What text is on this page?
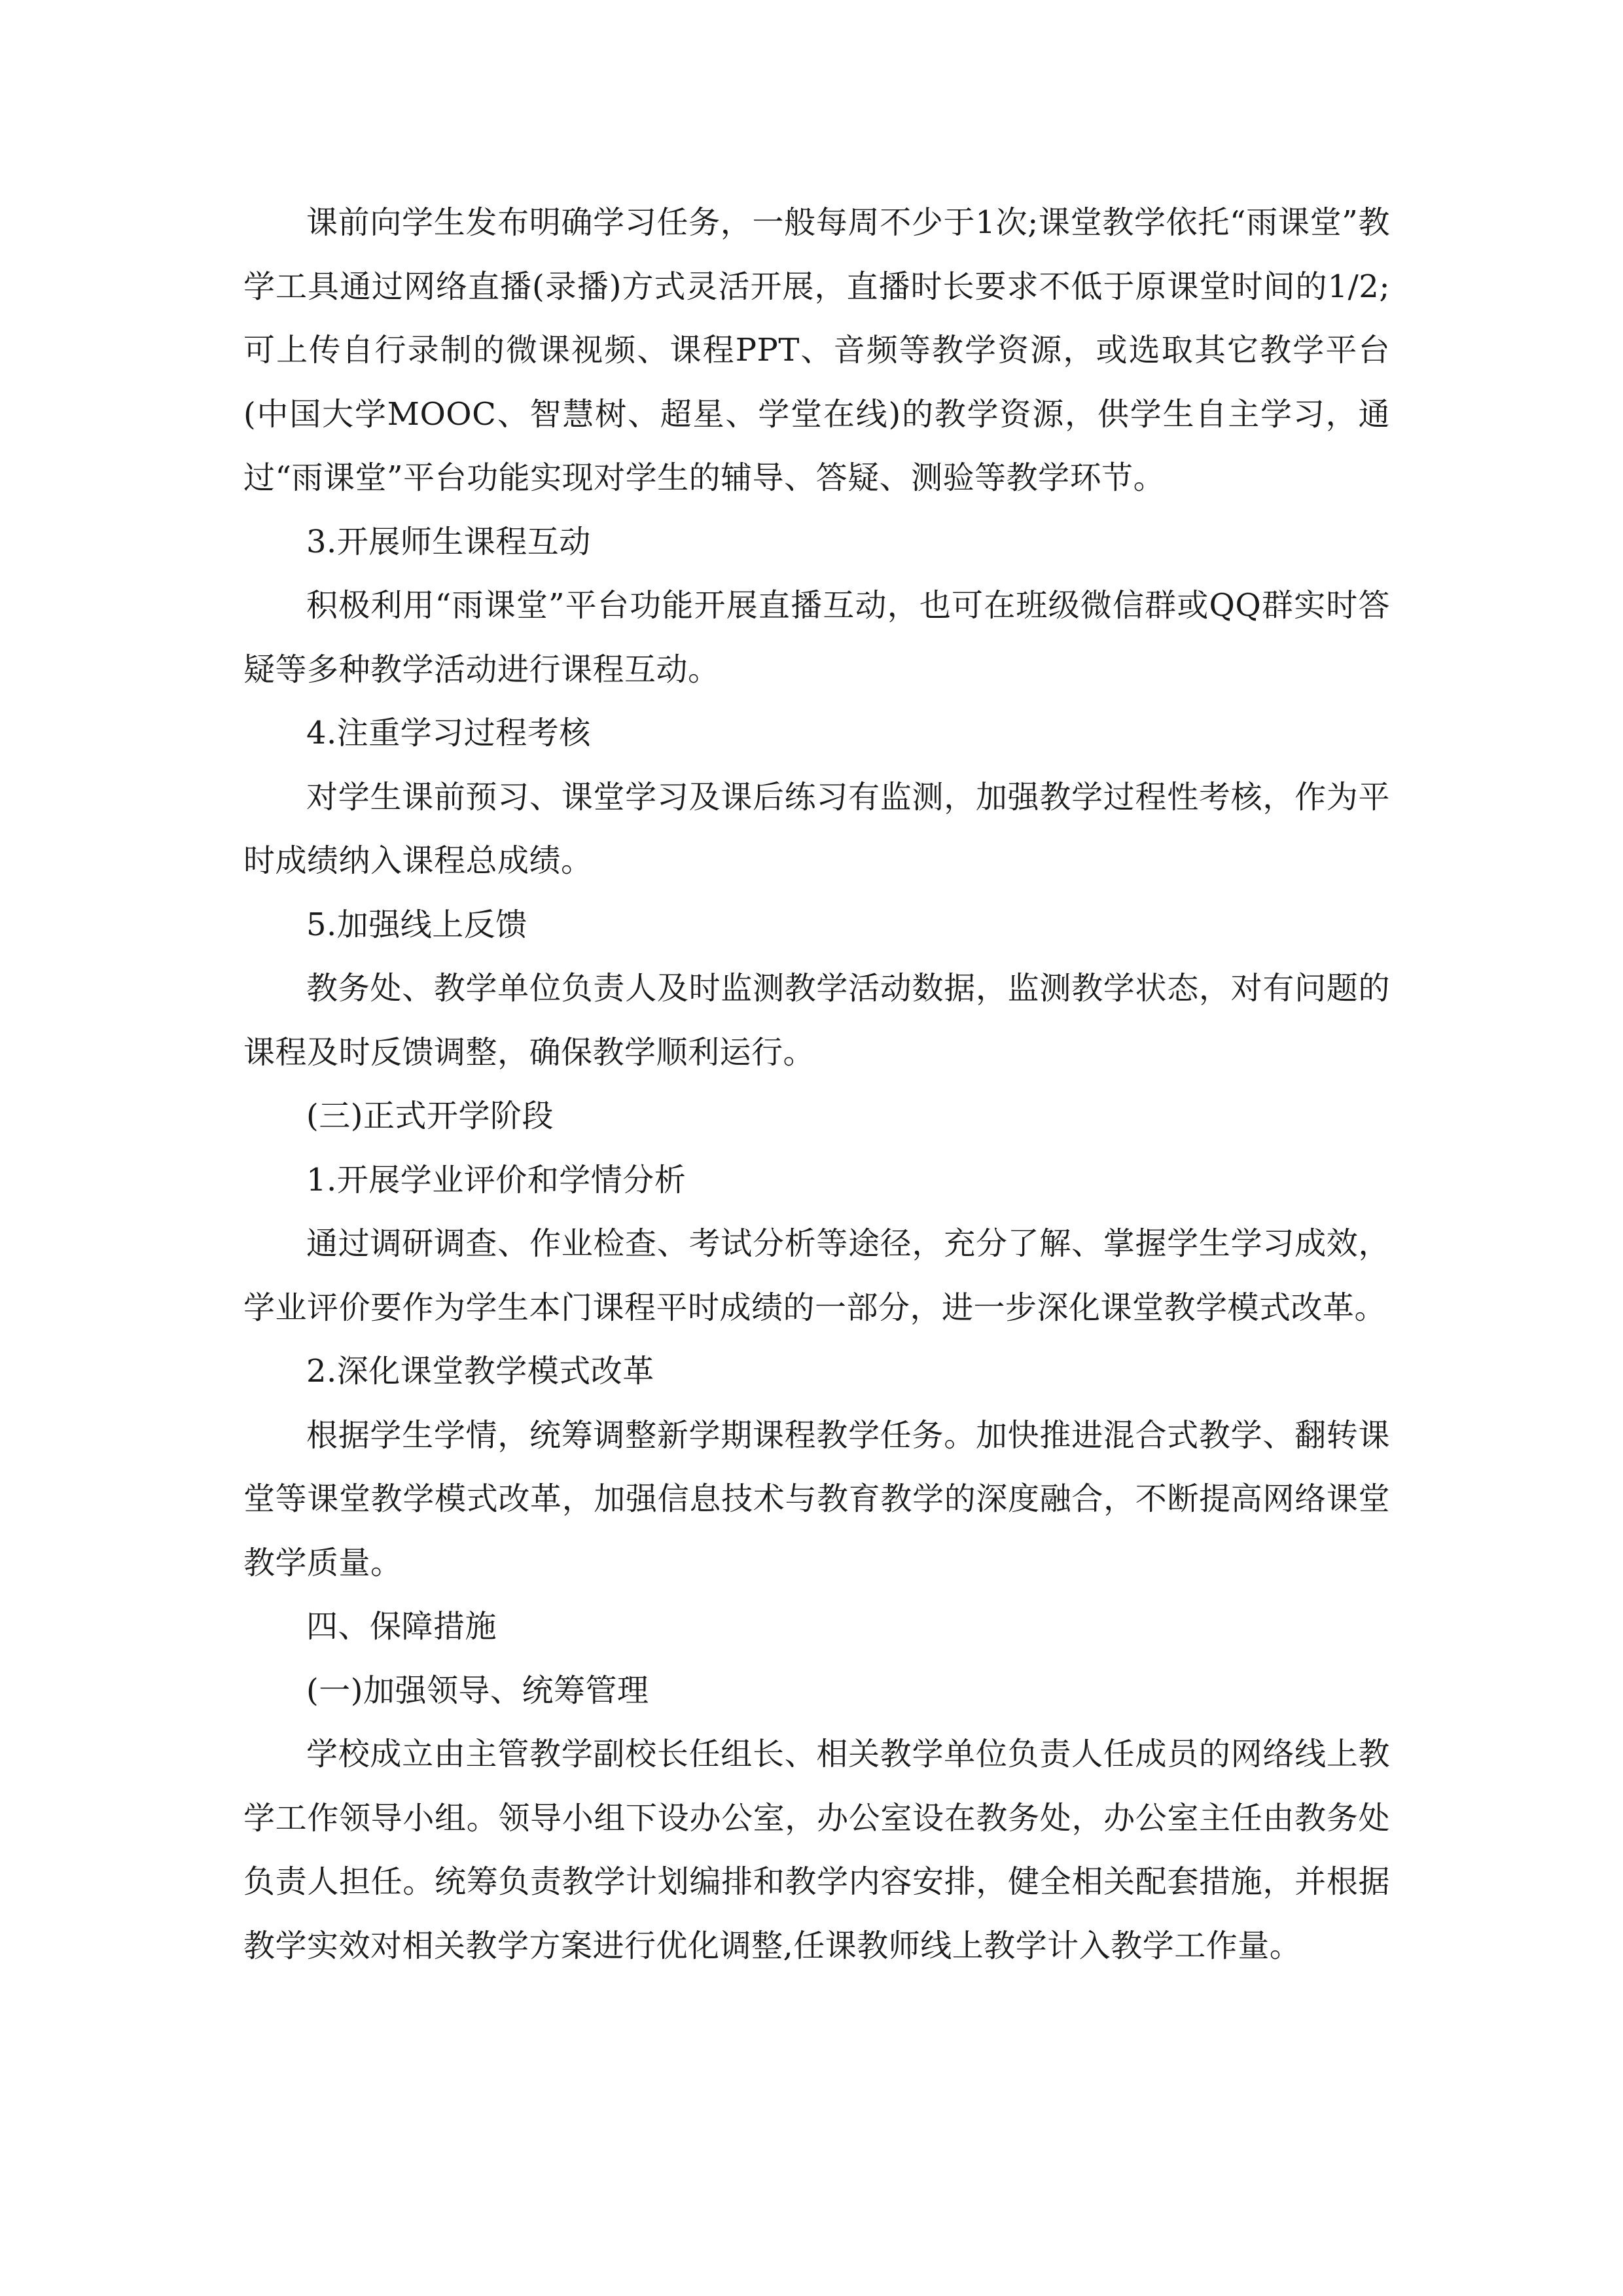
课前向学生发布明确学习任务，一般每周不少于1次;课堂教学依托“雨课堂”教学工具通过网络直播(录播)方式灵活开展，直播时长要求不低于原课堂时间的1/2;可上传自行录制的微课视频、课程PPT、音频等教学资源，或选取其它教学平台(中国大学MOOC、智慧树、超星、学堂在线)的教学资源，供学生自主学习，通过“雨课堂”平台功能实现对学生的辅导、答疑、测验等教学环节。

3.开展师生课程互动

积极利用“雨课堂”平台功能开展直播互动，也可在班级微信群或QQ群实时答疑等多种教学活动进行课程互动。

4.注重学习过程考核

对学生课前预习、课堂学习及课后练习有监测，加强教学过程性考核，作为平时成绩纳入课程总成绩。

5.加强线上反馈

教务处、教学单位负责人及时监测教学活动数据，监测教学状态，对有问题的课程及时反馈调整，确保教学顺利运行。

(三)正式开学阶段

1.开展学业评价和学情分析

通过调研调查、作业检查、考试分析等途径，充分了解、掌握学生学习成效，学业评价要作为学生本门课程平时成绩的一部分，进一步深化课堂教学模式改革。

2.深化课堂教学模式改革

根据学生学情，统筹调整新学期课程教学任务。加快推进混合式教学、翻转课堂等课堂教学模式改革，加强信息技术与教育教学的深度融合，不断提高网络课堂教学质量。

四、保障措施

(一)加强领导、统筹管理

学校成立由主管教学副校长任组长、相关教学单位负责人任成员的网络线上教学工作领导小组。领导小组下设办公室，办公室设在教务处，办公室主任由教务处负责人担任。统筹负责教学计划编排和教学内容安排，健全相关配套措施，并根据教学实效对相关教学方案进行优化调整,任课教师线上教学计入教学工作量。
